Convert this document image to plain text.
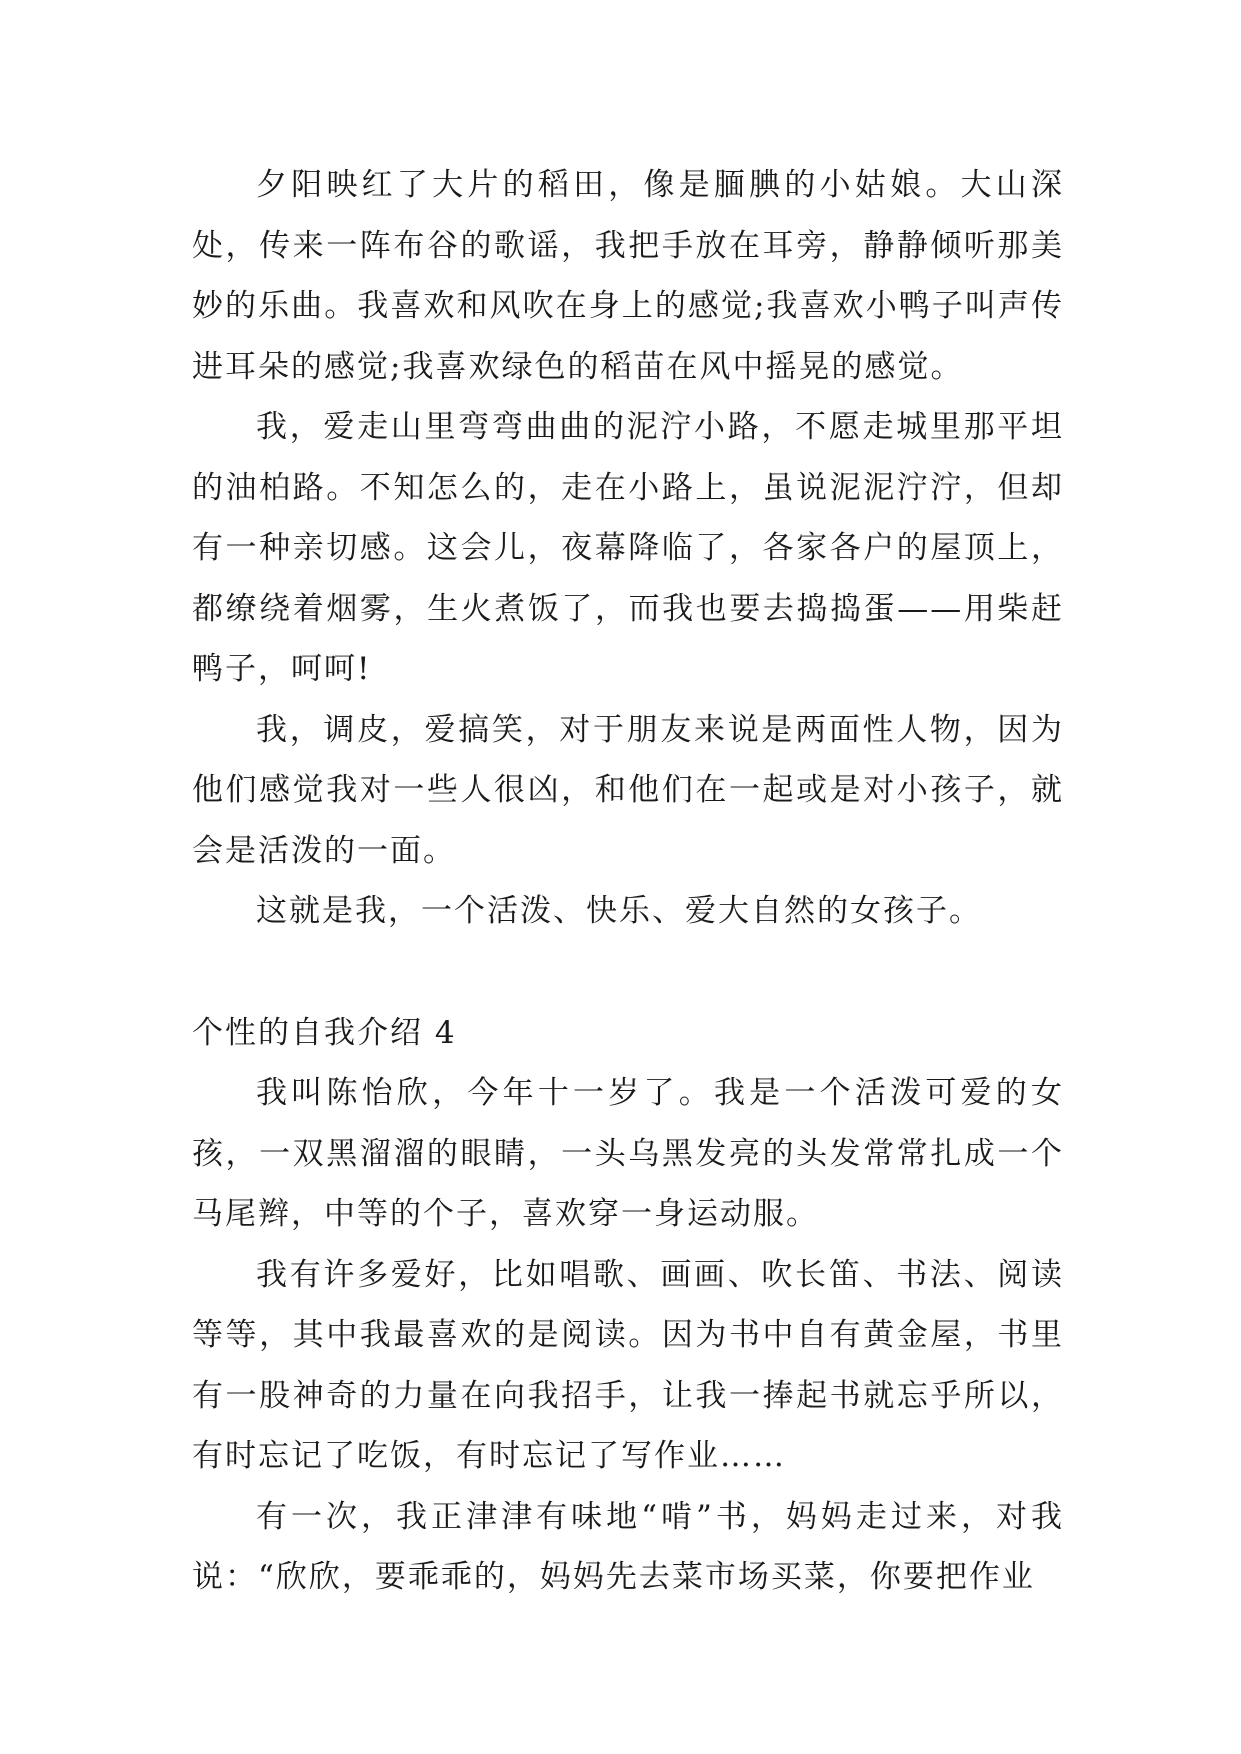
夕阳映红了大片的稻田，像是腼腆的小姑娘。大山深处，传来一阵布谷的歌谣，我把手放在耳旁，静静倾听那美妙的乐曲。我喜欢和风吹在身上的感觉;我喜欢小鸭子叫声传进耳朵的感觉;我喜欢绿色的稻苗在风中摇晃的感觉。

我，爱走山里弯弯曲曲的泥泞小路，不愿走城里那平坦的油柏路。不知怎么的，走在小路上，虽说泥泥泞泞，但却有一种亲切感。这会儿，夜幕降临了，各家各户的屋顶上，都缭绕着烟雾，生火煮饭了，而我也要去捣捣蛋——用柴赶鸭子，呵呵!

我，调皮，爱搞笑，对于朋友来说是两面性人物，因为他们感觉我对一些人很凶，和他们在一起或是对小孩子，就会是活泼的一面。

这就是我，一个活泼、快乐、爱大自然的女孩子。

个性的自我介绍 4

我叫陈怡欣，今年十一岁了。我是一个活泼可爱的女孩，一双黑溜溜的眼睛，一头乌黑发亮的头发常常扎成一个马尾辫，中等的个子，喜欢穿一身运动服。

我有许多爱好，比如唱歌、画画、吹长笛、书法、阅读等等，其中我最喜欢的是阅读。因为书中自有黄金屋，书里有一股神奇的力量在向我招手，让我一捧起书就忘乎所以，有时忘记了吃饭，有时忘记了写作业……

有一次，我正津津有味地“啃”书，妈妈走过来，对我说：“欣欣，要乖乖的，妈妈先去菜市场买菜，你要把作业
